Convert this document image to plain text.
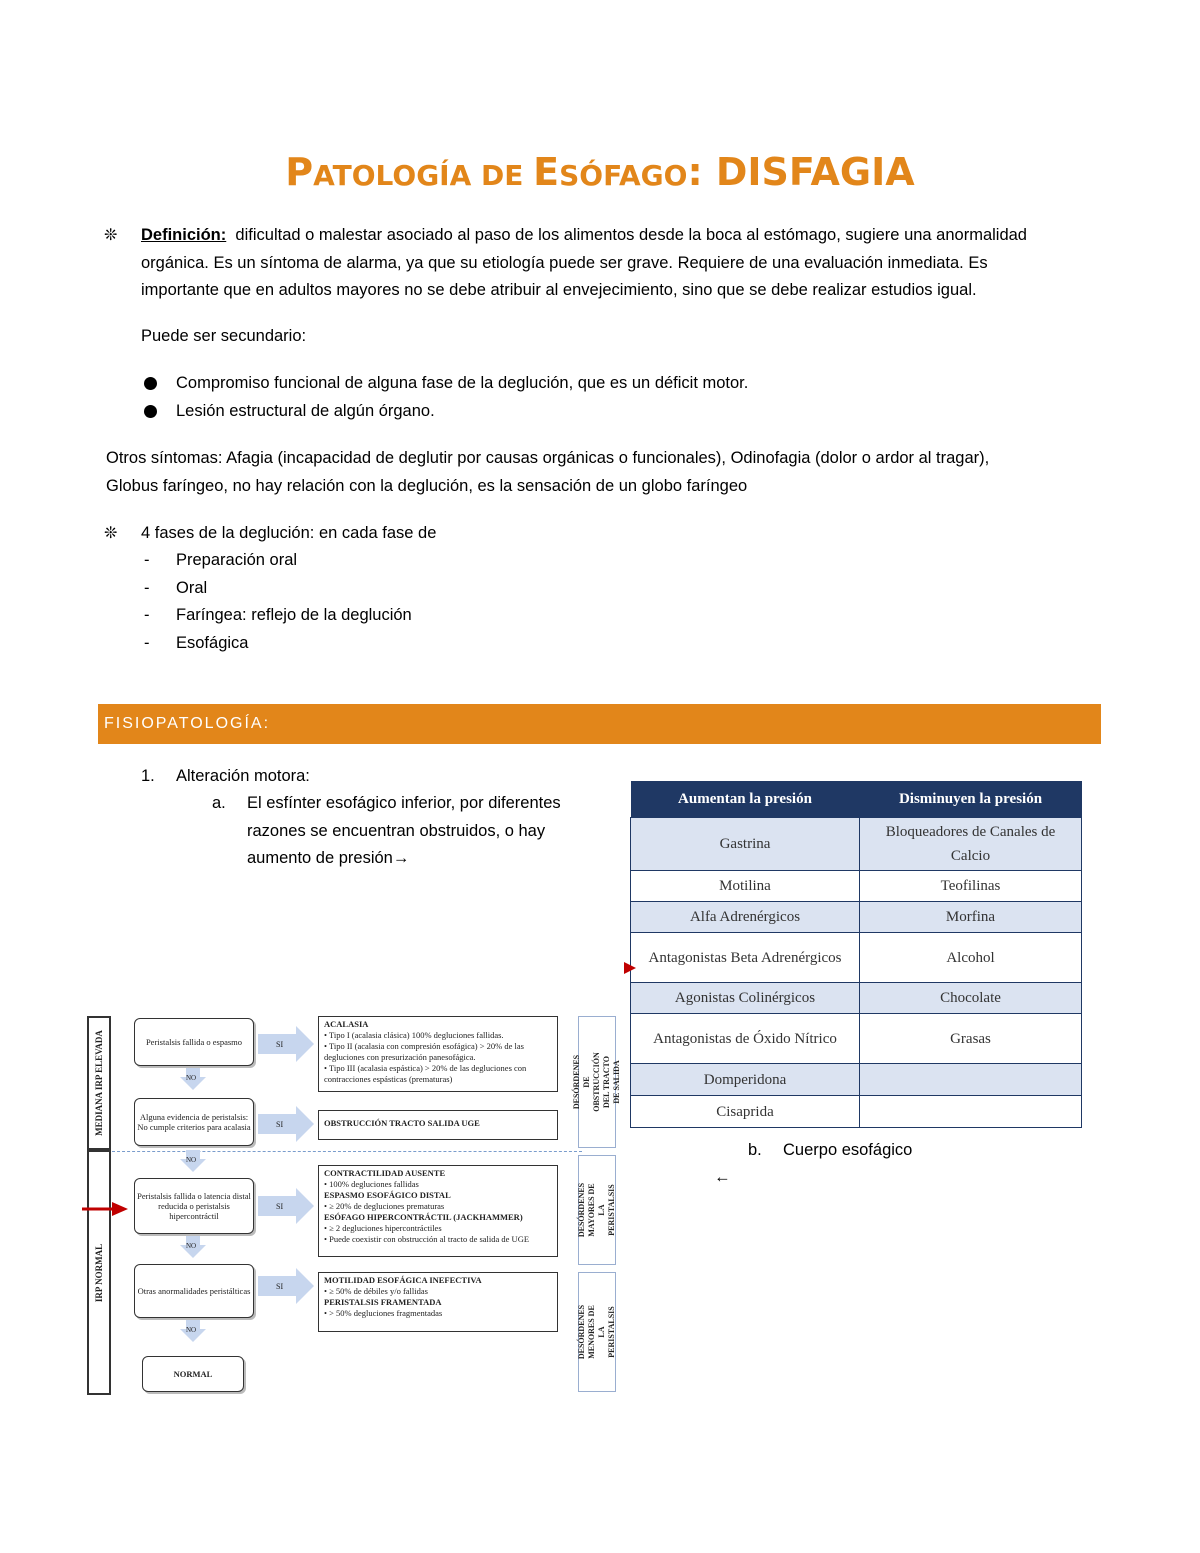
PATOLOGÍA DE ESÓFAGO: DISFAGIA
❊ Definición: dificultad o malestar asociado al paso de los alimentos desde la boca al estómago, sugiere una anormalidad
orgánica. Es un síntoma de alarma, ya que su etiología puede ser grave. Requiere de una evaluación inmediata. Es
importante que en adultos mayores no se debe atribuir al envejecimiento, sino que se debe realizar estudios igual.
Puede ser secundario:
Compromiso funcional de alguna fase de la deglución, que es un déficit motor.
Lesión estructural de algún órgano.
Otros síntomas: Afagia (incapacidad de deglutir por causas orgánicas o funcionales), Odinofagia (dolor o ardor al tragar),
Globus faríngeo, no hay relación con la deglución, es la sensación de un globo faríngeo
❊ 4 fases de la deglución: en cada fase de
- Preparación oral
- Oral
- Faríngea: reflejo de la deglución
- Esofágica
FISIOPATOLOGÍA:
1. Alteración motora:
a. El esfínter esofágico inferior, por diferentes
razones se encuentran obstruidos, o hay
aumento de presión→
b. Cuerpo esofágico
←
Aumentan la presión	Disminuyen la presión
Gastrina	Bloqueadores de Canales de Calcio
Motilina	Teofilinas
Alfa Adrenérgicos	Morfina
Antagonistas Beta Adrenérgicos	Alcohol
Agonistas Colinérgicos	Chocolate
Antagonistas de Óxido Nítrico	Grasas
Domperidona	
Cisaprida	
MEDIANA IRP ELEVADA
IRP NORMAL
Peristalsis fallida o espasmo
Alguna evidencia de peristalsis: No cumple criterios para acalasia
Peristalsis fallida o latencia distal reducida o peristalsis hipercontráctil
Otras anormalidades peristálticas
NORMAL
NO
NO
NO
NO
SI
SI
SI
SI
ACALASIA
• Tipo I (acalasia clásica) 100% degluciones fallidas.
• Tipo II (acalasia con compresión esofágica) > 20% de las degluciones con presurización panesofágica.
• Tipo III (acalasia espástica) > 20% de las degluciones con contracciones espásticas (prematuras)
OBSTRUCCIÓN TRACTO SALIDA UGE
CONTRACTILIDAD AUSENTE
• 100% degluciones fallidas
ESPASMO ESOFÁGICO DISTAL
• ≥ 20% de degluciones prematuras
ESÓFAGO HIPERCONTRÁCTIL (JACKHAMMER)
• ≥ 2 degluciones hipercontráctiles
• Puede coexistir con obstrucción al tracto de salida de UGE
MOTILIDAD ESOFÁGICA INEFECTIVA
• ≥ 50% de débiles y/o fallidas
PERISTALSIS FRAMENTADA
• > 50% degluciones fragmentadas
DESÓRDENES DE OBSTRUCCIÓN DEL TRACTO DE SALIDA
DESÓRDENES MAYORES DE LA PERISTALSIS
DESÓRDENES MENORES DE LA PERISTALSIS
